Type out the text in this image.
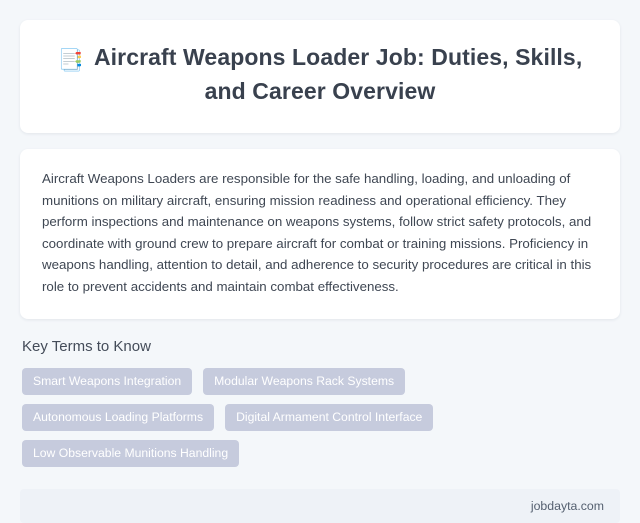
📑 Aircraft Weapons Loader Job: Duties, Skills,
and Career Overview

Aircraft Weapons Loaders are responsible for the safe handling, loading, and unloading of munitions on military aircraft, ensuring mission readiness and operational efficiency. They perform inspections and maintenance on weapons systems, follow strict safety protocols, and coordinate with ground crew to prepare aircraft for combat or training missions. Proficiency in weapons handling, attention to detail, and adherence to security procedures are critical in this role to prevent accidents and maintain combat effectiveness.

Key Terms to Know
Smart Weapons Integration	Modular Weapons Rack Systems
Autonomous Loading Platforms	Digital Armament Control Interface
Low Observable Munitions Handling
jobdayta.com
